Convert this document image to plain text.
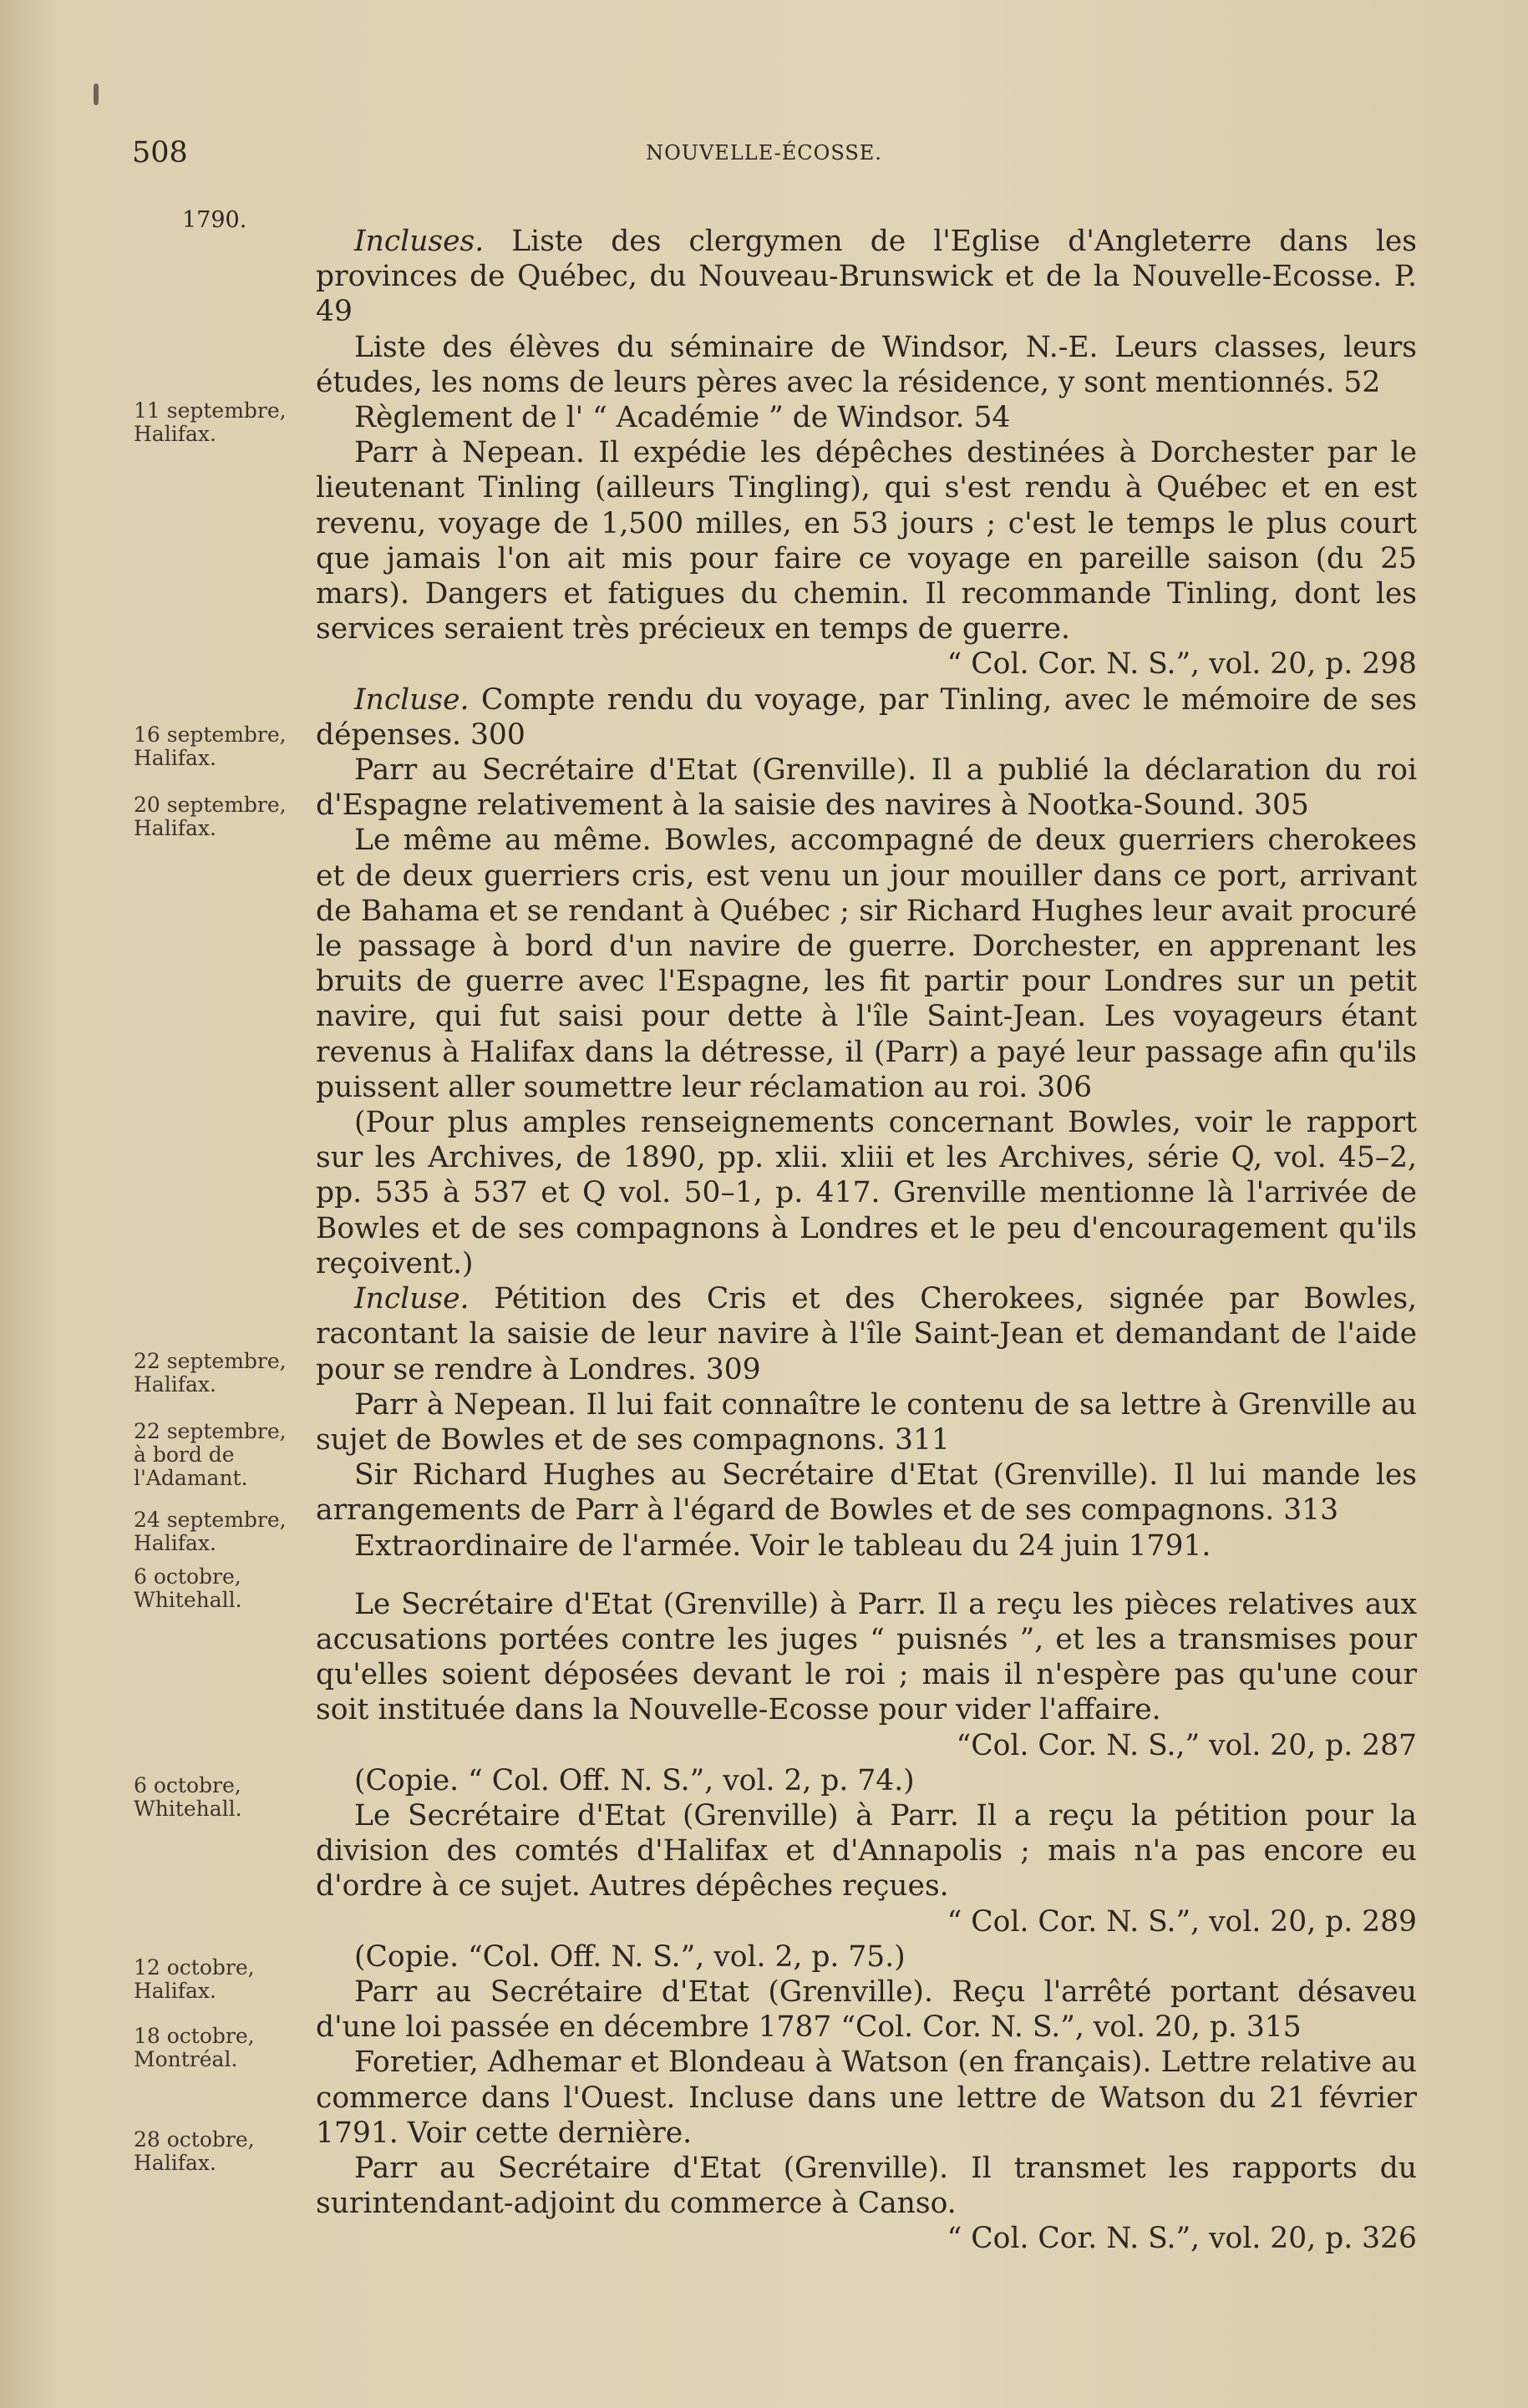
508	NOUVELLE-ÉCOSSE.
1790.
11 septembre,
Halifax.
16 septembre,
Halifax.
20 septembre,
Halifax.
22 septembre,
Halifax.
22 septembre,
à bord de
l'Adamant.
24 septembre,
Halifax.
6 octobre,
Whitehall.
6 octobre,
Whitehall.
12 octobre,
Halifax.
18 octobre,
Montréal.
28 octobre,
Halifax.

Incluses. Liste des clergymen de l'Eglise d'Angleterre dans les provinces de Québec, du Nouveau-Brunswick et de la Nouvelle-Ecosse. P. 49

Liste des élèves du séminaire de Windsor, N.-E. Leurs classes, leurs études, les noms de leurs pères avec la résidence, y sont mentionnés. 52

Règlement de l' “ Académie ” de Windsor. 54

Parr à Nepean. Il expédie les dépêches destinées à Dorchester par le lieutenant Tinling (ailleurs Tingling), qui s'est rendu à Québec et en est revenu, voyage de 1,500 milles, en 53 jours ; c'est le temps le plus court que jamais l'on ait mis pour faire ce voyage en pareille saison (du 25 mars). Dangers et fatigues du chemin. Il recommande Tinling, dont les services seraient très précieux en temps de guerre.

“ Col. Cor. N. S.”, vol. 20, p. 298

Incluse. Compte rendu du voyage, par Tinling, avec le mémoire de ses dépenses. 300

Parr au Secrétaire d'Etat (Grenville). Il a publié la déclaration du roi d'Espagne relativement à la saisie des navires à Nootka-Sound. 305

Le même au même. Bowles, accompagné de deux guerriers cherokees et de deux guerriers cris, est venu un jour mouiller dans ce port, arrivant de Bahama et se rendant à Québec ; sir Richard Hughes leur avait procuré le passage à bord d'un navire de guerre. Dorchester, en apprenant les bruits de guerre avec l'Espagne, les fit partir pour Londres sur un petit navire, qui fut saisi pour dette à l'île Saint-Jean. Les voyageurs étant revenus à Halifax dans la détresse, il (Parr) a payé leur passage afin qu'ils puissent aller soumettre leur réclamation au roi. 306

(Pour plus amples renseignements concernant Bowles, voir le rapport sur les Archives, de 1890, pp. xlii. xliii et les Archives, série Q, vol. 45–2, pp. 535 à 537 et Q vol. 50–1, p. 417. Grenville mentionne là l'arrivée de Bowles et de ses compagnons à Londres et le peu d'encouragement qu'ils reçoivent.)

Incluse. Pétition des Cris et des Cherokees, signée par Bowles, racontant la saisie de leur navire à l'île Saint-Jean et demandant de l'aide pour se rendre à Londres. 309

Parr à Nepean. Il lui fait connaître le contenu de sa lettre à Grenville au sujet de Bowles et de ses compagnons. 311

Sir Richard Hughes au Secrétaire d'Etat (Grenville). Il lui mande les arrangements de Parr à l'égard de Bowles et de ses compagnons. 313

Extraordinaire de l'armée. Voir le tableau du 24 juin 1791.

Le Secrétaire d'Etat (Grenville) à Parr. Il a reçu les pièces relatives aux accusations portées contre les juges “ puisnés ”, et les a transmises pour qu'elles soient déposées devant le roi ; mais il n'espère pas qu'une cour soit instituée dans la Nouvelle-Ecosse pour vider l'affaire.

“Col. Cor. N. S.,” vol. 20, p. 287

(Copie. “ Col. Off. N. S.”, vol. 2, p. 74.)

Le Secrétaire d'Etat (Grenville) à Parr. Il a reçu la pétition pour la division des comtés d'Halifax et d'Annapolis ; mais n'a pas encore eu d'ordre à ce sujet. Autres dépêches reçues.

“ Col. Cor. N. S.”, vol. 20, p. 289

(Copie. “Col. Off. N. S.”, vol. 2, p. 75.)

Parr au Secrétaire d'Etat (Grenville). Reçu l'arrêté portant désaveu d'une loi passée en décembre 1787 “Col. Cor. N. S.”, vol. 20, p. 315

Foretier, Adhemar et Blondeau à Watson (en français). Lettre relative au commerce dans l'Ouest. Incluse dans une lettre de Watson du 21 février 1791. Voir cette dernière.

Parr au Secrétaire d'Etat (Grenville). Il transmet les rapports du surintendant-adjoint du commerce à Canso.

“ Col. Cor. N. S.”, vol. 20, p. 326
